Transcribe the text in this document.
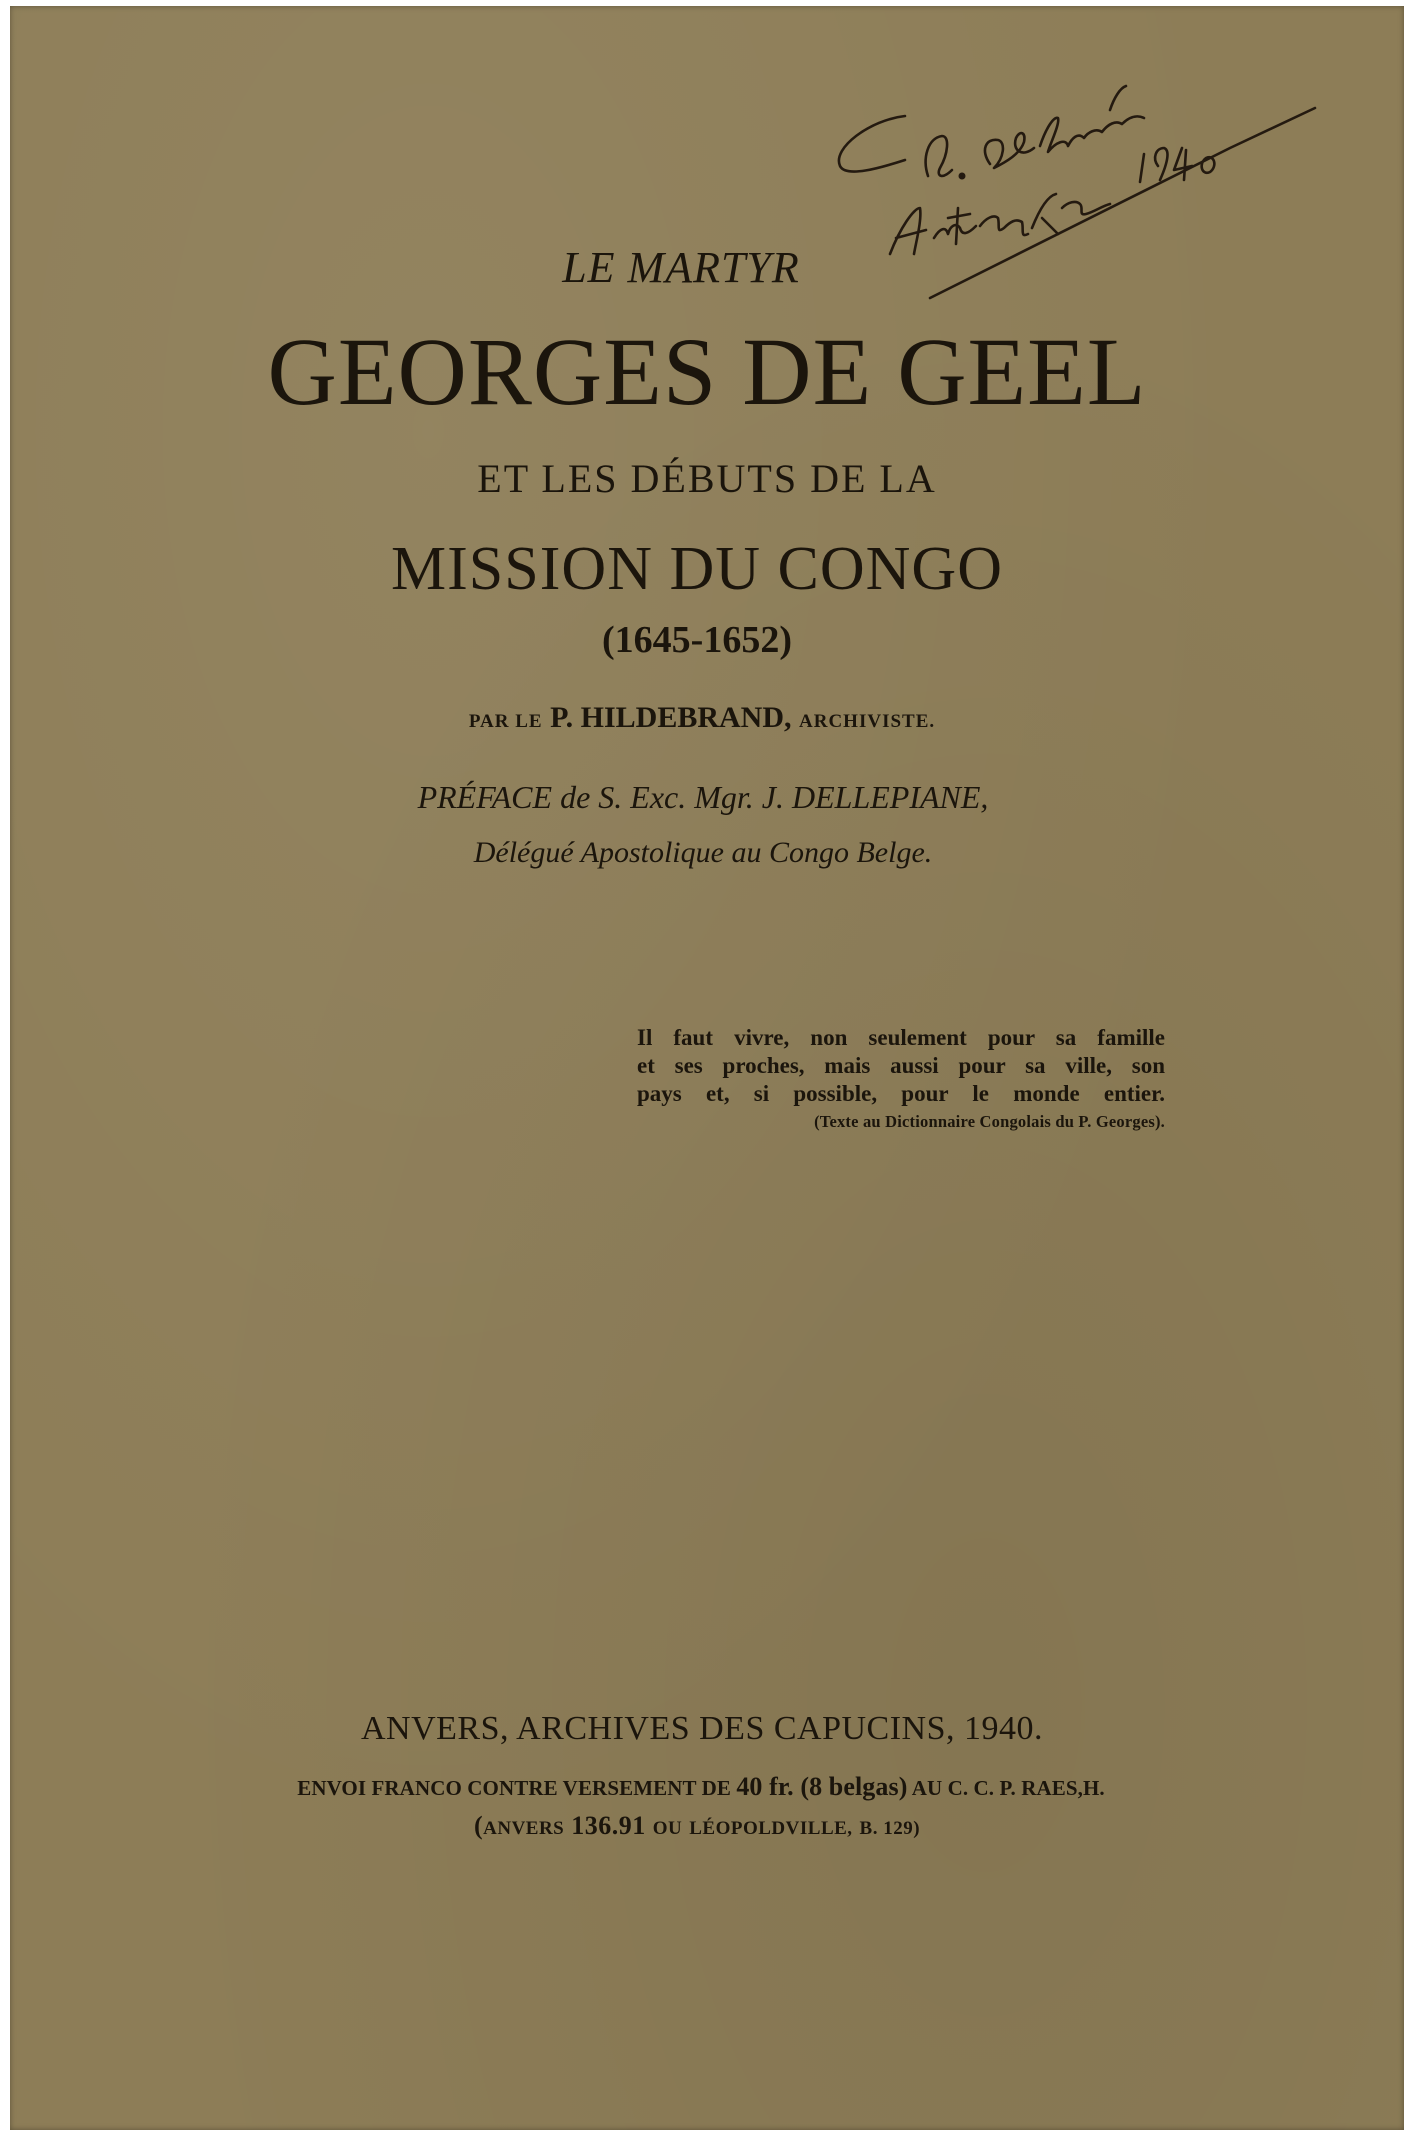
LE MARTYR
GEORGES DE GEEL
ET LES DÉBUTS DE LA
MISSION DU CONGO
(1645-1652)
PAR LE P. HILDEBRAND, ARCHIVISTE.
PRÉFACE de S. Exc. Mgr. J. DELLEPIANE,
Délégué Apostolique au Congo Belge.
Il faut vivre, non seulement pour sa famille
et ses proches, mais aussi pour sa ville, son
pays et, si possible, pour le monde entier.
(Texte au Dictionnaire Congolais du P. Georges).
ANVERS, ARCHIVES DES CAPUCINS, 1940.
ENVOI FRANCO CONTRE VERSEMENT DE 40 fr. (8 belgas) AU C. C. P. RAES,H.
(ANVERS 136.91 OU LÉOPOLDVILLE, B. 129)
